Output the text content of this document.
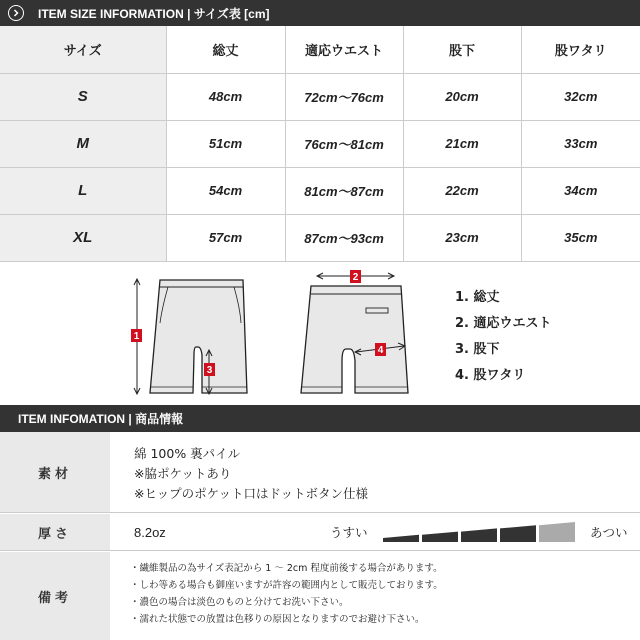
ITEM SIZE INFORMATION | サイズ表 [cm]
サイズ	総丈	適応ウエスト	股下	股ワタリ
S	48cm	72cm〜76cm	20cm	32cm
M	51cm	76cm〜81cm	21cm	33cm
L	54cm	81cm〜87cm	22cm	34cm
XL	57cm	87cm〜93cm	23cm	35cm
1
3
2
4
1. 総丈
2. 適応ウエスト
3. 股下
4. 股ワタリ
ITEM INFOMATION | 商品情報
素材
綿 100% 裏パイル
※脇ポケットあり
※ヒップのポケット口はドットボタン仕様
厚さ	8.2oz	うすい	あつい
備考
・繊維製品の為サイズ表記から 1 〜 2cm 程度前後する場合があります。
・しわ等ある場合も御座いますが許容の範囲内として販売しております。
・濃色の場合は淡色のものと分けてお洗い下さい。
・濡れた状態での放置は色移りの原因となりますのでお避け下さい。
